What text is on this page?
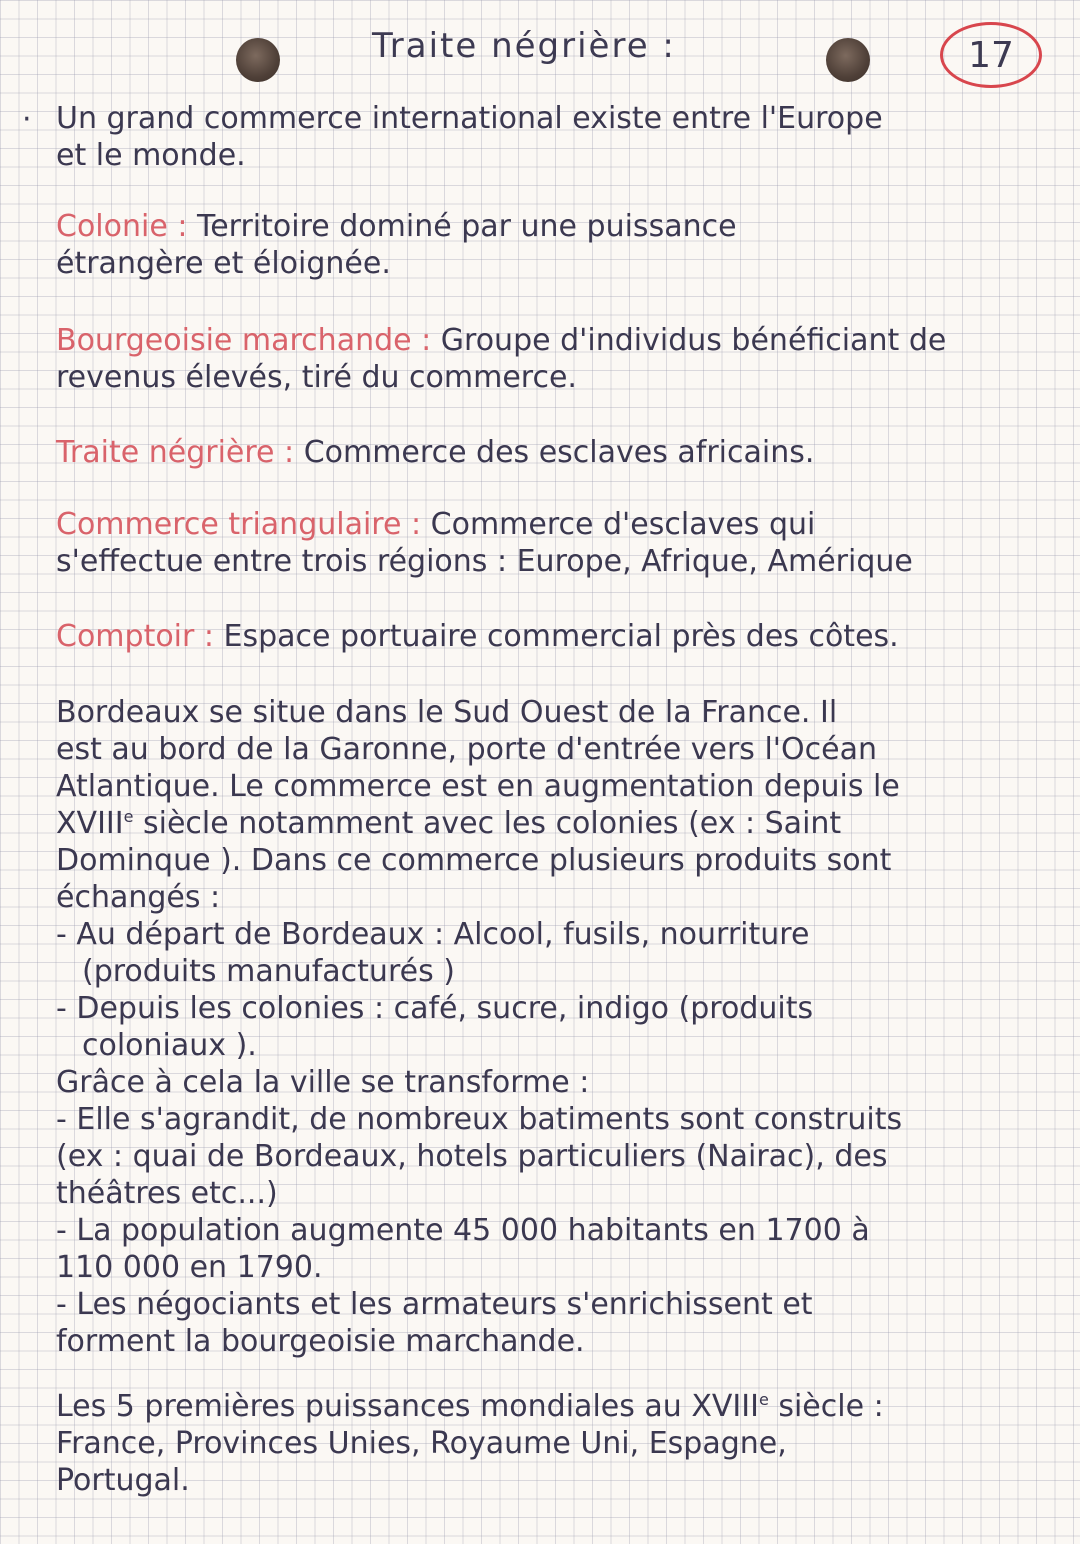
Traite négrière :	17
· Un grand commerce international existe entre l'Europe
et le monde.
Colonie : Territoire dominé par une puissance
étrangère et éloignée.
Bourgeoisie marchande : Groupe d'individus bénéficiant de
revenus élevés, tiré du commerce.
Traite négrière : Commerce des esclaves africains.
Commerce triangulaire : Commerce d'esclaves qui
s'effectue entre trois régions : Europe, Afrique, Amérique
Comptoir : Espace portuaire commercial près des côtes.
Bordeaux se situe dans le Sud Ouest de la France. Il
est au bord de la Garonne, porte d'entrée vers l'Océan
Atlantique. Le commerce est en augmentation depuis le
XVIIIe siècle notamment avec les colonies (ex : Saint
Dominque ). Dans ce commerce plusieurs produits sont
échangés :
- Au départ de Bordeaux : Alcool, fusils, nourriture
(produits manufacturés )
- Depuis les colonies : café, sucre, indigo (produits
coloniaux ).
Grâce à cela la ville se transforme :
- Elle s'agrandit, de nombreux batiments sont construits
(ex : quai de Bordeaux, hotels particuliers (Nairac), des
théâtres etc...)
- La population augmente 45 000 habitants en 1700 à
110 000 en 1790.
- Les négociants et les armateurs s'enrichissent et
forment la bourgeoisie marchande.
Les 5 premières puissances mondiales au XVIIIe siècle :
France, Provinces Unies, Royaume Uni, Espagne,
Portugal.
